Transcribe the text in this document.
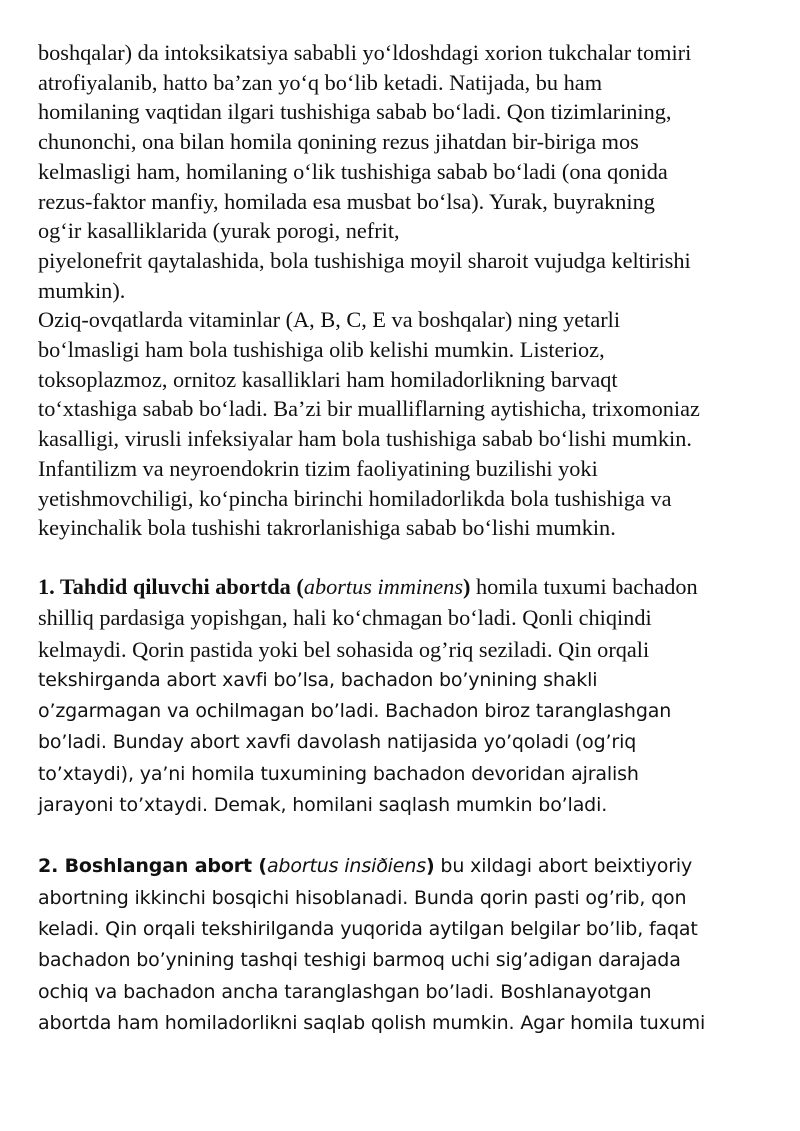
boshqalar) da intoksikatsiya sababli yo‘ldoshdagi xorion tukchalar tomiri
atrofiyalanib, hatto ba’zan yo‘q bo‘lib ketadi. Natijada, bu ham
homilaning vaqtidan ilgari tushishiga sabab bo‘ladi. Qon tizimlarining,
chunonchi, ona bilan homila qonining rezus jihatdan bir-biriga mos
kelmasligi ham, homilaning o‘lik tushishiga sabab bo‘ladi (ona qonida
rezus-faktor manfiy, homilada esa musbat bo‘lsa). Yurak, buyrakning
og‘ir kasalliklarida (yurak porogi, nefrit,
piyelonefrit qaytalashida, bola tushishiga moyil sharoit vujudga keltirishi
mumkin).
Oziq-ovqatlarda vitaminlar (A, B, C, E va boshqalar) ning yetarli
bo‘lmasligi ham bola tushishiga olib kelishi mumkin. Listerioz,
toksoplazmoz, ornitoz kasalliklari ham homiladorlikning barvaqt
to‘xtashiga sabab bo‘ladi. Ba’zi bir mualliflarning aytishicha, trixomoniaz
kasalligi, virusli infeksiyalar ham bola tushishiga sabab bo‘lishi mumkin.
Infantilizm va neyroendokrin tizim faoliyatining buzilishi yoki
yetishmovchiligi, ko‘pincha birinchi homiladorlikda bola tushishiga va
keyinchalik bola tushishi takrorlanishiga sabab bo‘lishi mumkin.
1. Tahdid qiluvchi abortda (abortus imminens) homila tuxumi bachadon
shilliq pardasiga yopishgan, hali ko‘chmagan bo‘ladi. Qonli chiqindi
kelmaydi. Qorin pastida yoki bel sohasida og’riq seziladi. Qin orqali
tekshirganda abort xavfi bo’lsa, bachadon bo’ynining shakli
o’zgarmagan va ochilmagan bo’ladi. Bachadon biroz taranglashgan
bo’ladi. Bunday abort xavfi davolash natijasida yo’qoladi (og’riq
to’xtaydi), ya’ni homila tuxumining bachadon devoridan ajralish
jarayoni to’xtaydi. Demak, homilani saqlash mumkin bo’ladi.
2. Boshlangan abort (abortus insiðiens) bu xildagi abort beixtiyoriy
abortning ikkinchi bosqichi hisoblanadi. Bunda qorin pasti og’rib, qon
keladi. Qin orqali tekshirilganda yuqorida aytilgan belgilar bo’lib, faqat
bachadon bo’ynining tashqi teshigi barmoq uchi sig’adigan darajada
ochiq va bachadon ancha taranglashgan bo’ladi. Boshlanayotgan
abortda ham homiladorlikni saqlab qolish mumkin. Agar homila tuxumi
